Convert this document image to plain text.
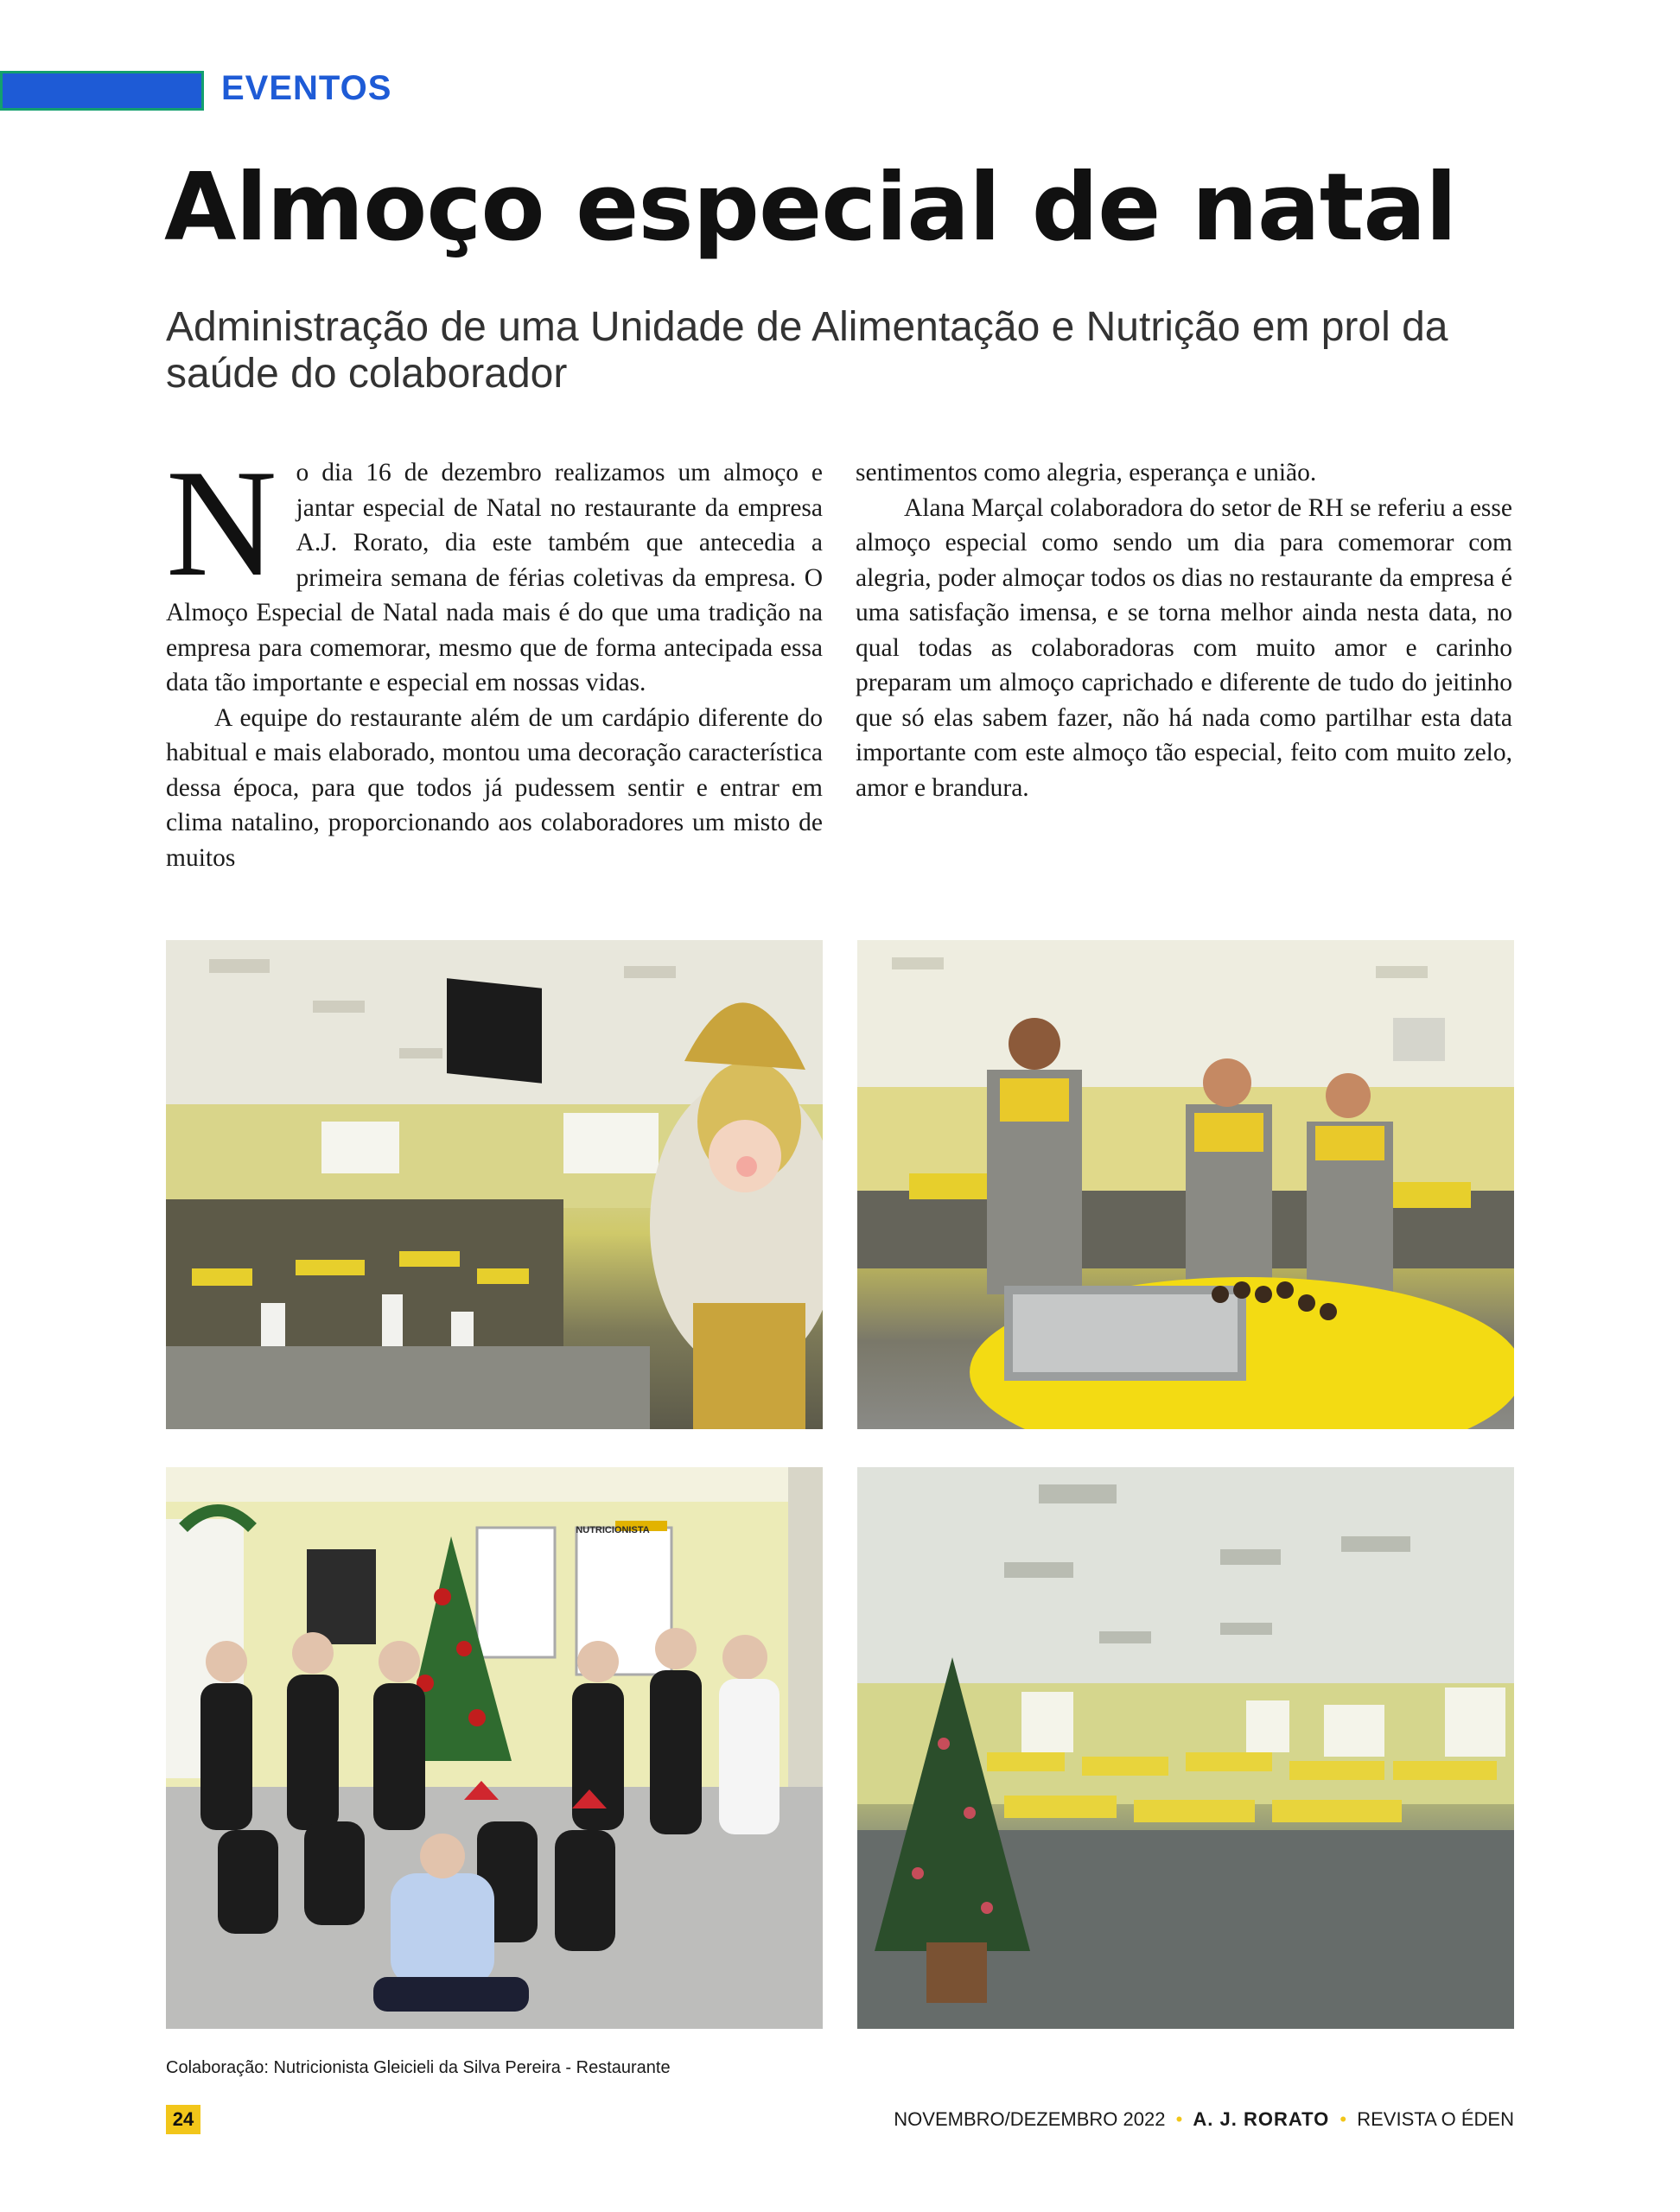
EVENTOS
Almoço especial de natal
Administração de uma Unidade de Alimentação e Nutrição em prol da saúde do colaborador

No dia 16 de dezembro realizamos um almoço e jantar especial de Natal no restaurante da empresa A.J. Rorato, dia este também que antecedia a primeira semana de férias coletivas da empresa. O Almoço Especial de Natal nada mais é do que uma tradição na empresa para comemorar, mesmo que de forma antecipada essa data tão importante e especial em nossas vidas.

A equipe do restaurante além de um cardápio diferente do habitual e mais elaborado, montou uma decoração característica dessa época, para que todos já pudessem sentir e entrar em clima natalino, proporcionando aos colaboradores um misto de muitos

sentimentos como alegria, esperança e união.

Alana Marçal colaboradora do setor de RH se referiu a esse almoço especial como sendo um dia para comemorar com alegria, poder almoçar todos os dias no restaurante da empresa é uma satisfação imensa, e se torna melhor ainda nesta data, no qual todas as colaboradoras com muito amor e carinho preparam um almoço caprichado e diferente de tudo do jeitinho que só elas sabem fazer, não há nada como partilhar esta data importante com este almoço tão especial, feito com muito zelo, amor e brandura.

NUTRICIONISTA
Colaboração: Nutricionista Gleicieli da Silva Pereira - Restaurante
24	NOVEMBRO/DEZEMBRO 2022 • A. J. RORATO • REVISTA O ÉDEN
